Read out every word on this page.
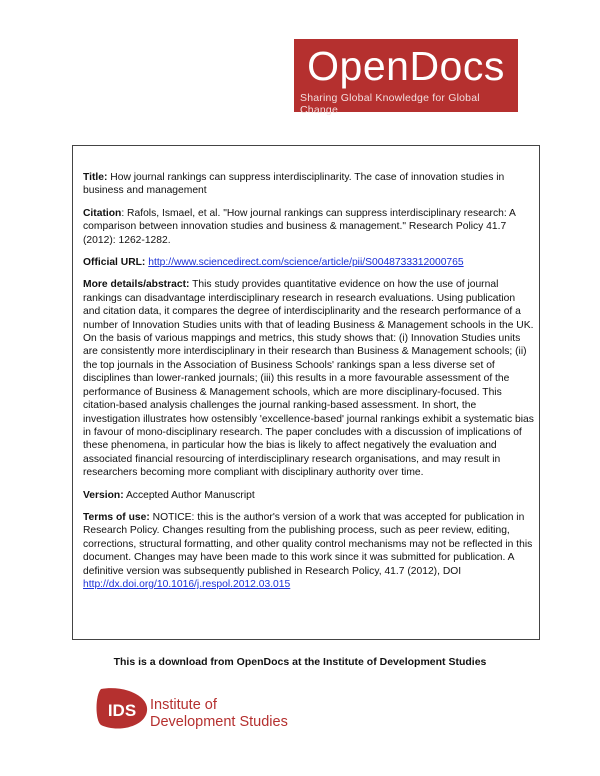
OpenDocs
Sharing Global Knowledge for Global Change

Title: How journal rankings can suppress interdisciplinarity. The case of innovation studies in business and management

Citation: Rafols, Ismael, et al. "How journal rankings can suppress interdisciplinary research: A comparison between innovation studies and business & management." Research Policy 41.7 (2012): 1262-1282.

Official URL: http://www.sciencedirect.com/science/article/pii/S0048733312000765

More details/abstract: This study provides quantitative evidence on how the use of journal rankings can disadvantage interdisciplinary research in research evaluations. Using publication and citation data, it compares the degree of interdisciplinarity and the research performance of a number of Innovation Studies units with that of leading Business & Management schools in the UK. On the basis of various mappings and metrics, this study shows that: (i) Innovation Studies units are consistently more interdisciplinary in their research than Business & Management schools; (ii) the top journals in the Association of Business Schools' rankings span a less diverse set of disciplines than lower-ranked journals; (iii) this results in a more favourable assessment of the performance of Business & Management schools, which are more disciplinary-focused. This citation-based analysis challenges the journal ranking-based assessment. In short, the investigation illustrates how ostensibly 'excellence-based' journal rankings exhibit a systematic bias in favour of mono-disciplinary research. The paper concludes with a discussion of implications of these phenomena, in particular how the bias is likely to affect negatively the evaluation and associated financial resourcing of interdisciplinary research organisations, and may result in researchers becoming more compliant with disciplinary authority over time.

Version: Accepted Author Manuscript

Terms of use: NOTICE: this is the author's version of a work that was accepted for publication in Research Policy. Changes resulting from the publishing process, such as peer review, editing, corrections, structural formatting, and other quality control mechanisms may not be reflected in this document. Changes may have been made to this work since it was submitted for publication. A definitive version was subsequently published in Research Policy, 41.7 (2012), DOI http://dx.doi.org/10.1016/j.respol.2012.03.015

This is a download from OpenDocs at the Institute of Development Studies
IDS Institute of
Development Studies
